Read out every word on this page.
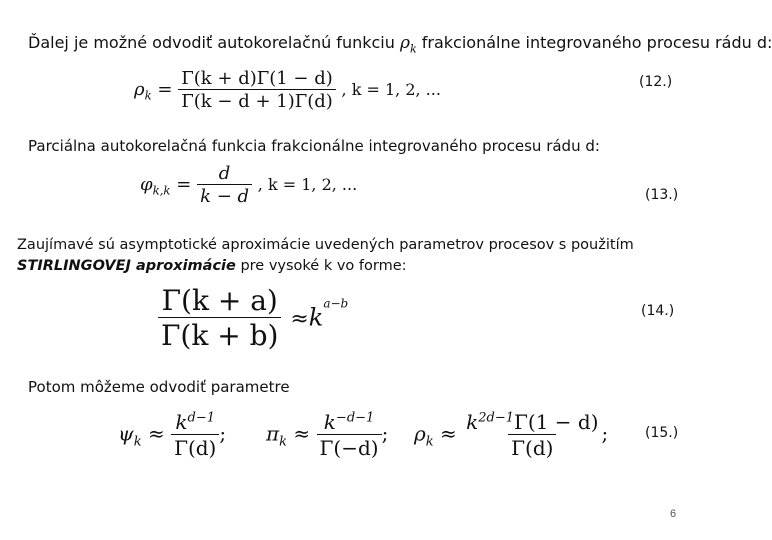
Ďalej je možné odvodiť autokorelačnú funkciu $\rho_k$ frakcionálne integrovaného procesu rádu d:
$\rho_k = \frac{\Gamma(k + d)\Gamma(1 - d)}{\Gamma(k - d + 1)\Gamma(d)}$ , k = 1, 2, ...	(12.)
Parciálna autokorelačná funkcia frakcionálne integrovaného procesu rádu d:
$\varphi_{k,k} = \frac{d}{k - d}$ , k = 1, 2, ...
(13.)
Zaujímavé sú asymptotické aproximácie uvedených parametrov procesov s použitím
STIRLINGOVEJ aproximácie pre vysoké k vo forme:
$\frac{\Gamma(k + a)}{\Gamma(k + b)} \approx k^{a-b}$	(14.)
Potom môžeme odvodiť parametre
$\psi_k \approx \frac{k^{d-1}}{\Gamma(d)}$ ; $\pi_k \approx \frac{k^{-d-1}}{\Gamma(-d)}$ ; $\rho_k \approx \frac{k^{2d-1}\Gamma(1 - d)}{\Gamma(d)}$ ;	(15.)
6
